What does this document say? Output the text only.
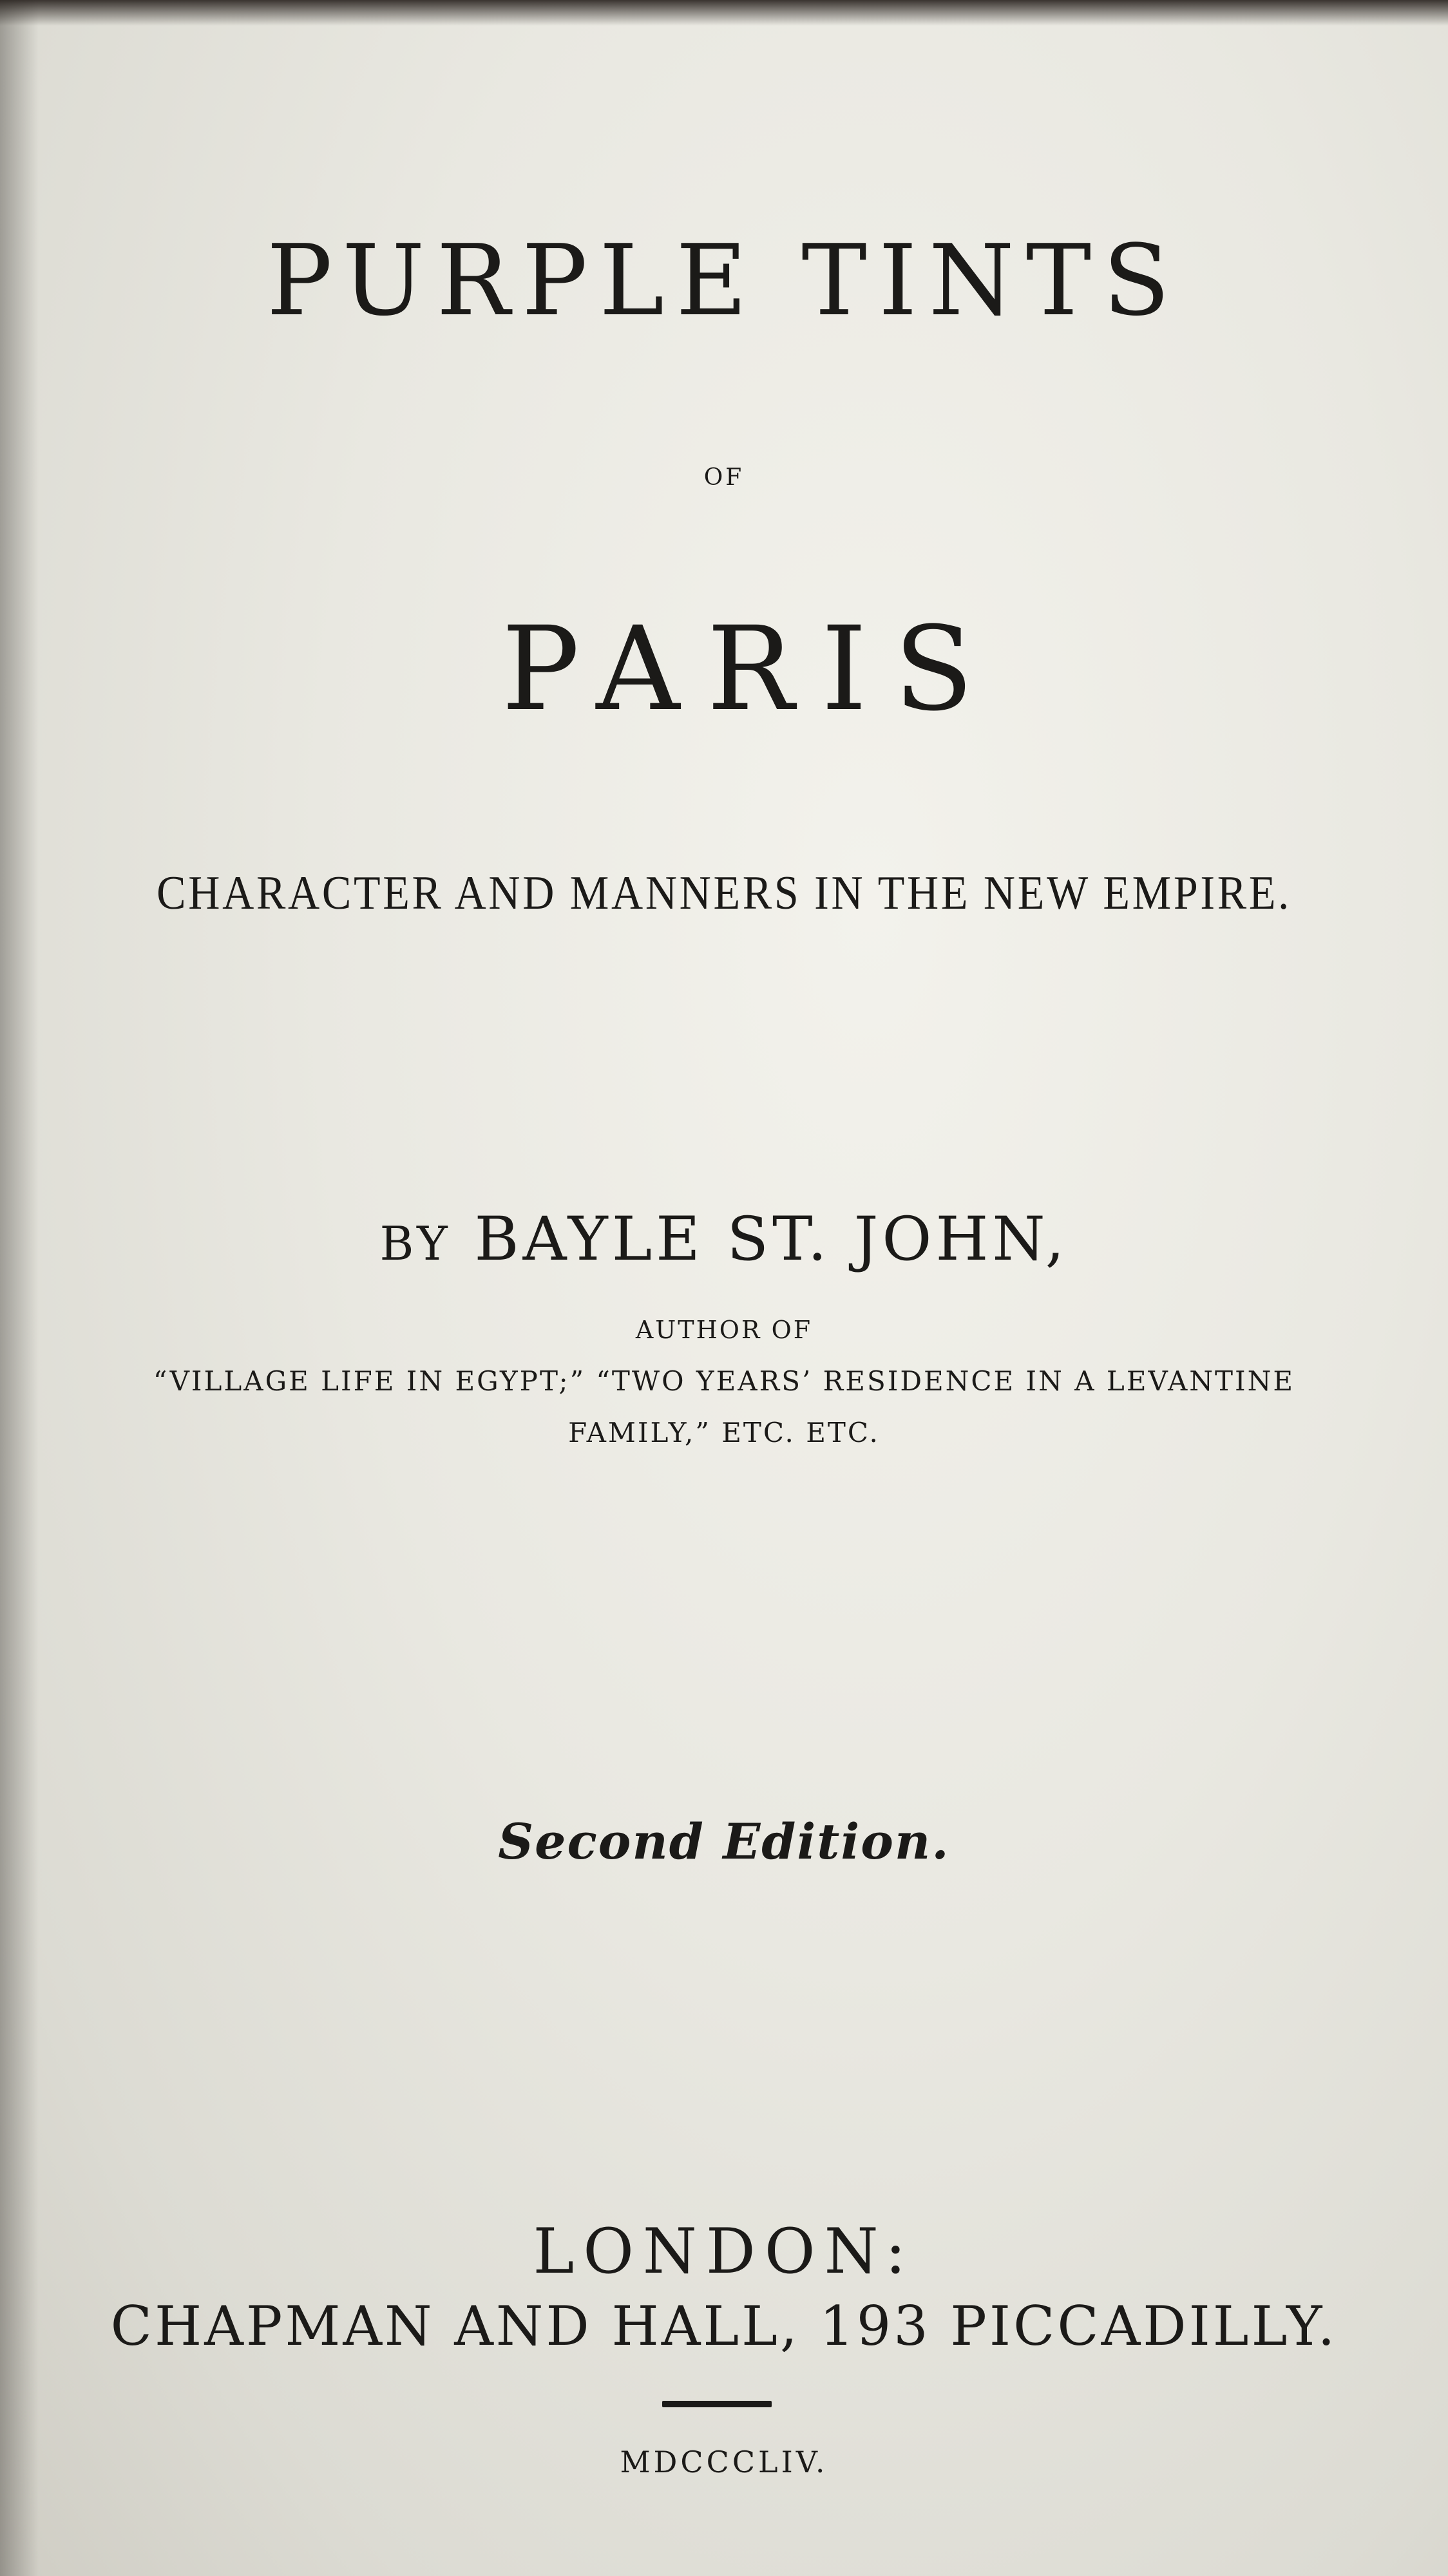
PURPLE TINTS
OF
PARIS
CHARACTER AND MANNERS IN THE NEW EMPIRE.
BY BAYLE ST. JOHN,
AUTHOR OF
“VILLAGE LIFE IN EGYPT;” “TWO YEARS’ RESIDENCE IN A LEVANTINE
FAMILY,” ETC. ETC.
Second Edition.
LONDON:
CHAPMAN AND HALL, 193 PICCADILLY.
MDCCCLIV.
